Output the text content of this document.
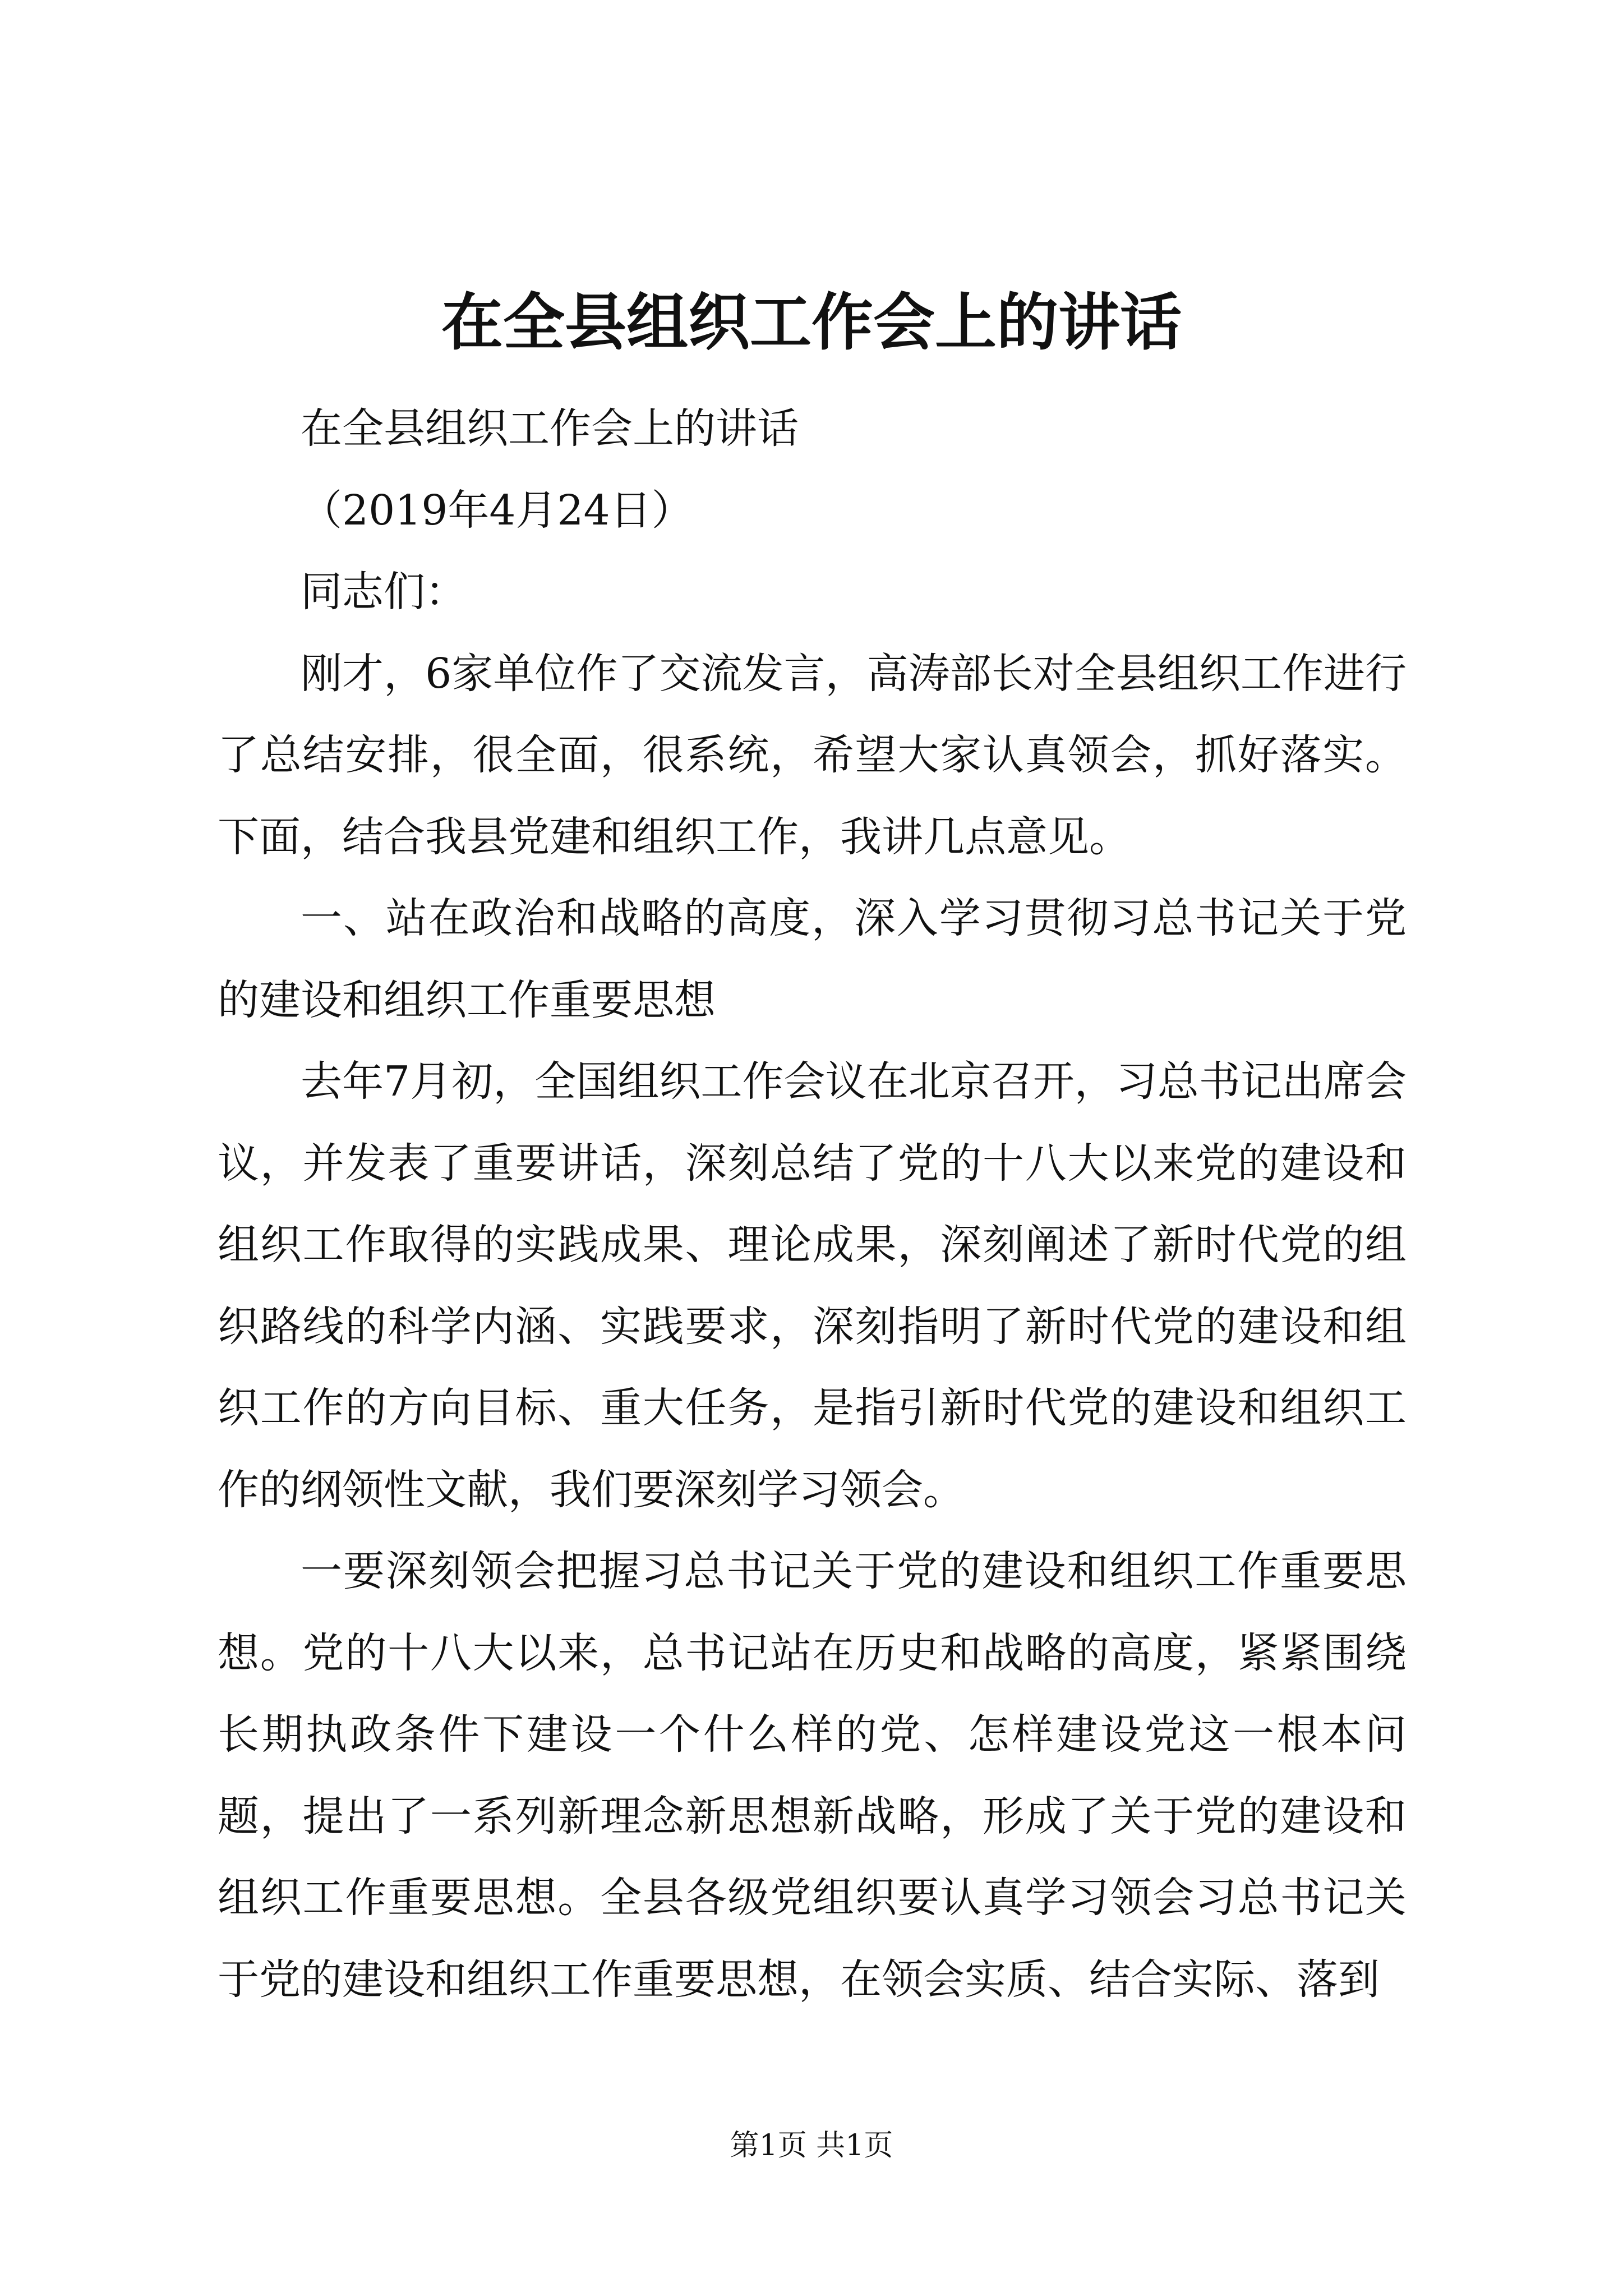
在全县组织工作会上的讲话

在全县组织工作会上的讲话

（2019年4月24日）

同志们：

刚才，6家单位作了交流发言，高涛部长对全县组织工作进行了总结安排，很全面，很系统，希望大家认真领会，抓好落实。下面，结合我县党建和组织工作，我讲几点意见。

一、站在政治和战略的高度，深入学习贯彻习总书记关于党的建设和组织工作重要思想

去年7月初，全国组织工作会议在北京召开，习总书记出席会议，并发表了重要讲话，深刻总结了党的十八大以来党的建设和组织工作取得的实践成果、理论成果，深刻阐述了新时代党的组织路线的科学内涵、实践要求，深刻指明了新时代党的建设和组织工作的方向目标、重大任务，是指引新时代党的建设和组织工作的纲领性文献，我们要深刻学习领会。

一要深刻领会把握习总书记关于党的建设和组织工作重要思想。党的十八大以来，总书记站在历史和战略的高度，紧紧围绕长期执政条件下建设一个什么样的党、怎样建设党这一根本问题，提出了一系列新理念新思想新战略，形成了关于党的建设和组织工作重要思想。全县各级党组织要认真学习领会习总书记关于党的建设和组织工作重要思想，在领会实质、结合实际、落到

第1页 共1页
